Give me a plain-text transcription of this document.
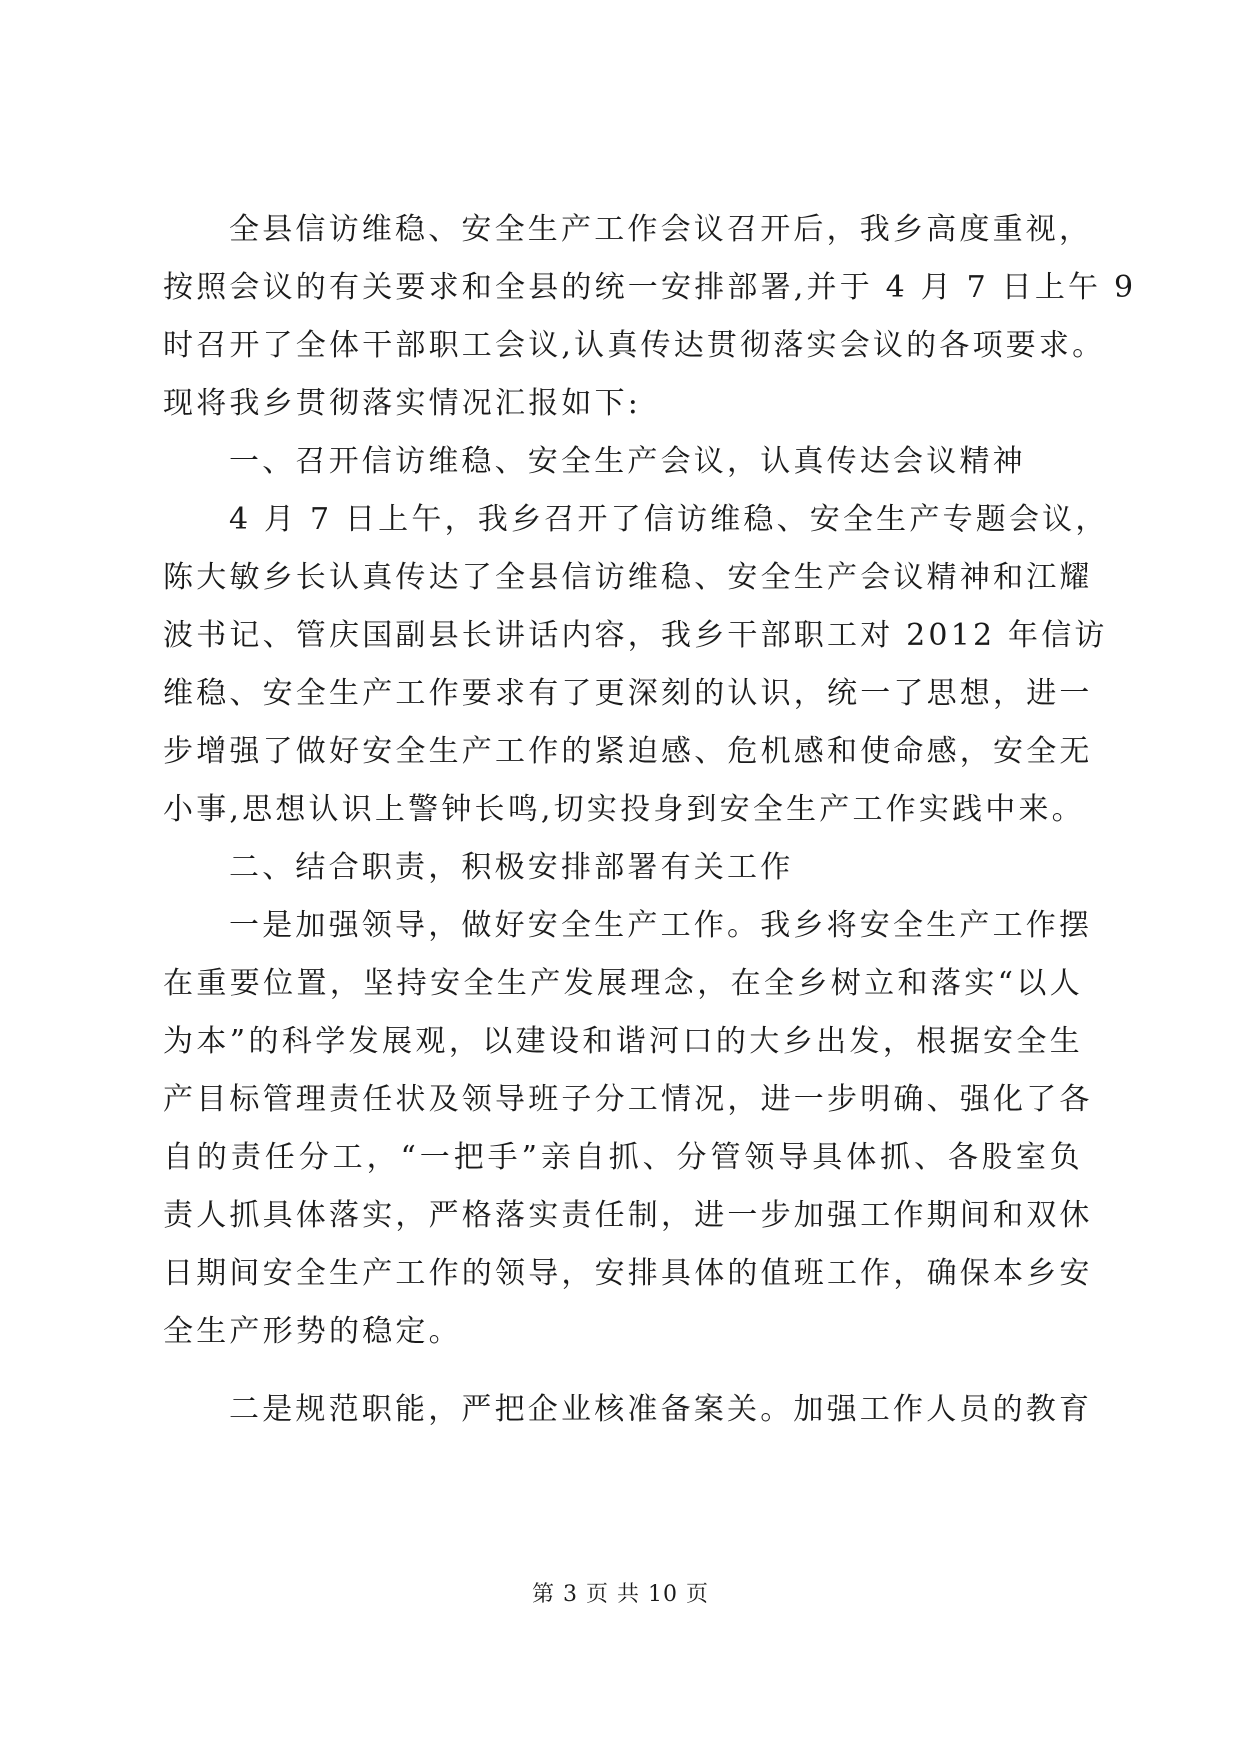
全县信访维稳、安全生产工作会议召开后，我乡高度重视，
按照会议的有关要求和全县的统一安排部署,并于 4 月 7 日上午 9
时召开了全体干部职工会议,认真传达贯彻落实会议的各项要求。
现将我乡贯彻落实情况汇报如下:
一、召开信访维稳、安全生产会议，认真传达会议精神
4 月 7 日上午，我乡召开了信访维稳、安全生产专题会议，
陈大敏乡长认真传达了全县信访维稳、安全生产会议精神和江耀
波书记、管庆国副县长讲话内容，我乡干部职工对 2012 年信访
维稳、安全生产工作要求有了更深刻的认识，统一了思想，进一
步增强了做好安全生产工作的紧迫感、危机感和使命感，安全无
小事,思想认识上警钟长鸣,切实投身到安全生产工作实践中来。
二、结合职责，积极安排部署有关工作
一是加强领导，做好安全生产工作。我乡将安全生产工作摆
在重要位置，坚持安全生产发展理念，在全乡树立和落实“以人
为本”的科学发展观，以建设和谐河口的大乡出发，根据安全生
产目标管理责任状及领导班子分工情况，进一步明确、强化了各
自的责任分工，“一把手”亲自抓、分管领导具体抓、各股室负
责人抓具体落实，严格落实责任制，进一步加强工作期间和双休
日期间安全生产工作的领导，安排具体的值班工作，确保本乡安
全生产形势的稳定。
二是规范职能，严把企业核准备案关。加强工作人员的教育
第 3 页 共 10 页
